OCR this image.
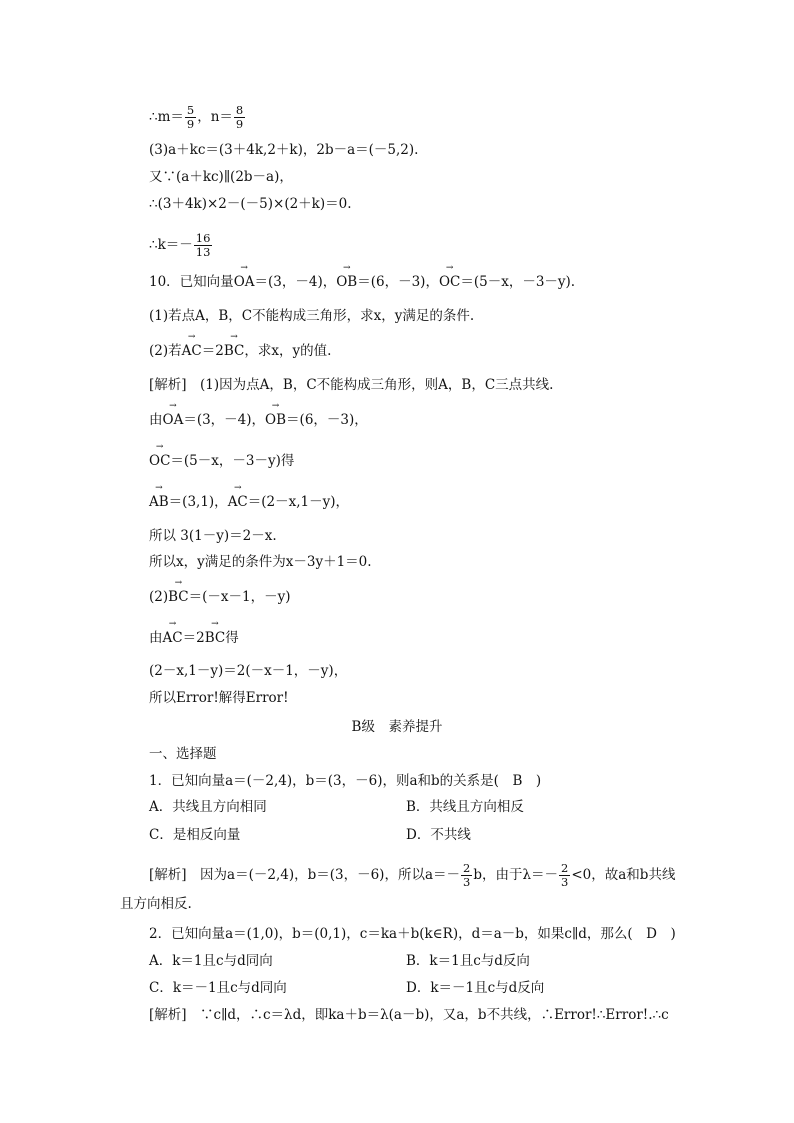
∴m＝ $\frac{5}{9}$ ，$n= \frac{8}{9}$
(3)a＋kc＝(3＋4k,2＋k)，2b－a＝(－5,2).
又∵(a＋kc)∥(2b－a)，
∴(3＋4k)×2－(－5)×(2＋k)＝0.
∴k＝－ $\frac{16}{13}$
10．已知向量→ OA＝(3，－4)，→ OB＝(6，－3)，→ OC＝(5－x，－3－y).
(1)若点A，B，C不能构成三角形，求x，y满足的条件.
(2)若→ AC＝2→ BC，求x，y的值.
[解析]　(1)因为点A，B，C不能构成三角形，则A，B，C三点共线.
由→ OA＝(3，－4)，→ OB＝(6，－3)，
→ OC＝(5－x，－3－y)得
→ AB＝(3,1)，→ AC＝(2－x,1－y)，
所以 3(1－y)＝2－x.
所以x，y满足的条件为x－3y＋1＝0.
(2)→ BC＝(－x－1，－y)
由→ AC＝2→ BC得
(2－x,1－y)＝2(－x－1，－y)，
所以Error!解得Error!
B级　素养提升
一、选择题
1．已知向量a＝(－2,4)，b＝(3，－6)，则a和b的关系是(　B　)
A．共线且方向相同	B．共线且方向相反
C．是相反向量	D．不共线
[解析]　因为a＝(－2,4)，b＝(3，－6)，所以$a=- \frac{2}{3}$ b，由于$\lambda=- \frac{2}{3} <0$，故a和b共线
且方向相反.
2．已知向量a＝(1,0)，b＝(0,1)，c＝ka＋b(k∈R)，d＝a－b，如果c∥d，那么(　D　)
A．k＝1且c与d同向	B．k＝1且c与d反向
C．k＝－1且c与d同向	D．k＝－1且c与d反向
[解析]　∵c∥d，∴c＝λd，即ka＋b＝λ(a－b)，又a，b不共线，∴Error!∴Error!.∴c
